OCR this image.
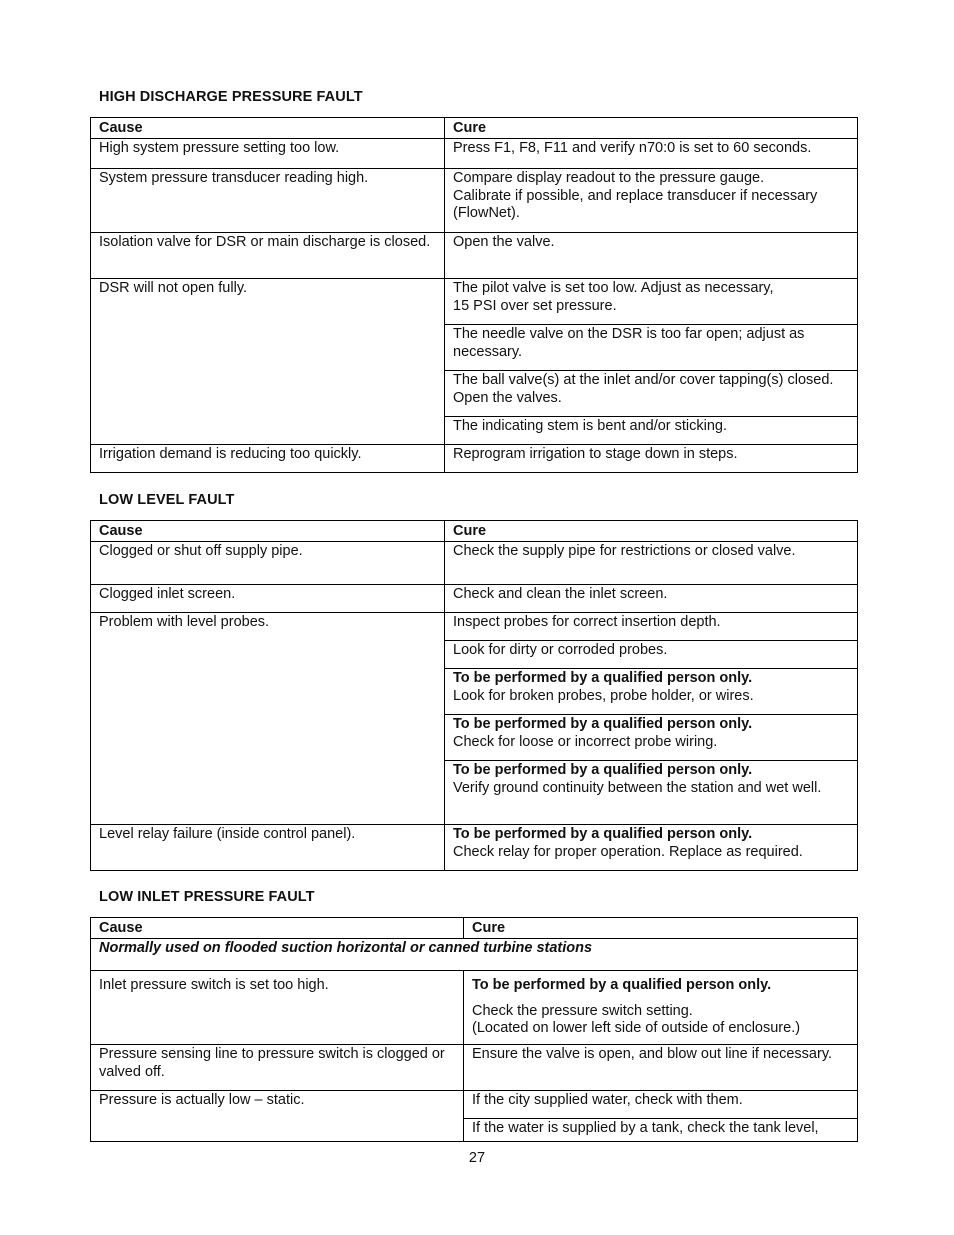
HIGH DISCHARGE PRESSURE FAULT
Cause	Cure
High system pressure setting too low.	Press F1, F8, F11 and verify n70:0 is set to 60 seconds.
System pressure transducer reading high.	Compare display readout to the pressure gauge.
Calibrate if possible, and replace transducer if necessary
(FlowNet).

Isolation valve for DSR or main discharge is closed.	Open the valve.
DSR will not open fully.	The pilot valve is set too low. Adjust as necessary,
15 PSI over set pressure.

	The needle valve on the DSR is too far open; adjust as necessary.
	The ball valve(s) at the inlet and/or cover tapping(s) closed. Open the valves.
	The indicating stem is bent and/or sticking.
Irrigation demand is reducing too quickly.	Reprogram irrigation to stage down in steps.
LOW LEVEL FAULT
Cause	Cure
Clogged or shut off supply pipe.	Check the supply pipe for restrictions or closed valve.
Clogged inlet screen.	Check and clean the inlet screen.
Problem with level probes.	Inspect probes for correct insertion depth.
	Look for dirty or corroded probes.

	To be performed by a qualified person only.
Look for broken probes, probe holder, or wires.

	To be performed by a qualified person only.
Check for loose or incorrect probe wiring.

	To be performed by a qualified person only.
Verify ground continuity between the station and wet well.

Level relay failure (inside control panel).	To be performed by a qualified person only.
Check relay for proper operation. Replace as required.
LOW INLET PRESSURE FAULT
Cause	Cure
Normally used on flooded suction horizontal or canned turbine stations	
Inlet pressure switch is set too high.	To be performed by a qualified person only.
Check the pressure switch setting.
(Located on lower left side of outside of enclosure.)

Pressure sensing line to pressure switch is clogged or valved off.	Ensure the valve is open, and blow out line if necessary.
Pressure is actually low – static.	If the city supplied water, check with them.
	If the water is supplied by a tank, check the tank level,
27
